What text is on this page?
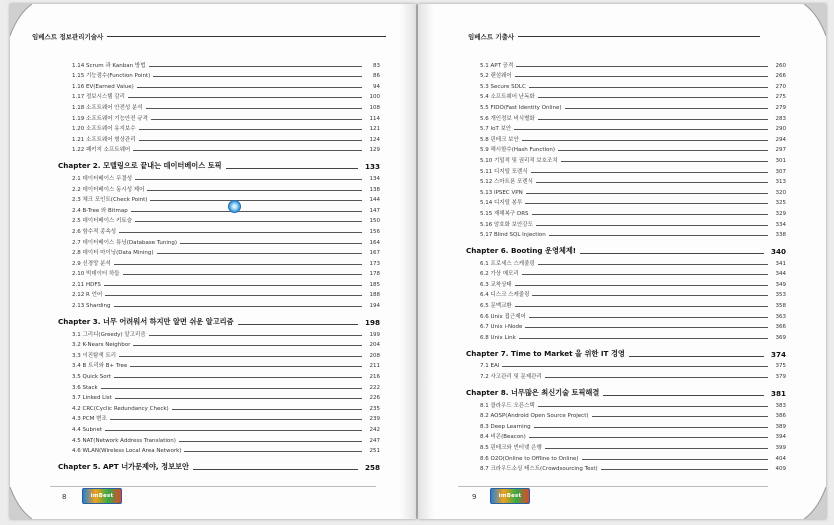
임베스트 정보관리기술사
1.14 Scrum 과 Kanban 방법	83
1.15 기능점수(Function Point)	86
1.16 EV(Earned Value)	94
1.17 정보시스템 감리	100
1.18 소프트웨어 안전성 분석	108
1.19 소프트웨어 기능안전 규격	114
1.20 소프트웨어 유지보수	121
1.21 소프트웨어 형상관리	124
1.22 패키지 소프트웨어	129
Chapter 2. 모델링으로 끝내는 데이터베이스 토픽	133
2.1 데이터베이스 무결성	134
2.2 데이터베이스 동시성 제어	138
2.3 체크 포인트(Check Point)	144
2.4 B-Tree 와 Bitmap	147
2.5 데이터베이스 키토슬	150
2.6 함수적 종속성	156
2.7 데이터베이스 튜닝(Database Tuning)	164
2.8 데이터 마이닝(Data Mining)	167
2.9 신경망 분석	173
2.10 빅데이터 하둡	178
2.11 HDFS	185
2.12 R 언어	188
2.13 Sharding	194
Chapter 3. 너무 어려워서 하지만 알면 쉬운 알고리즘	198
3.1 그리디(Greedy) 알고리즘	199
3.2 K-Nears Neighbor	204
3.3 이진탐색 트리	208
3.4 B 트리와 B+ Tree	211
3.5 Quick Sort	216
3.6 Stack	222
3.7 Linked List	226
4.2 CRC(Cyclic Redundancy Check)	235
4.3 PCM 변조	239
4.4 Subnet	242
4.5 NAT(Network Address Translation)	247
4.6 WLAN(Wireless Local Area Network)	251
Chapter 5. APT 너가문제야, 정보보안	258
8	imBest
임베스트 기출사
5.1 APT 공격	260
5.2 랜섬웨어	266
5.3 Secure SDLC	270
5.4 소프트웨어 난독화	275
5.5 FIDO(Fast Identity Online)	279
5.6 개인정보 비식별화	283
5.7 IoT 보안	290
5.8 핀테크 보안	294
5.9 해시함수(Hash Function)	297
5.10 기밀적 및 권리적 보호조치	301
5.11 디지털 포렌식	307
5.12 스마트폰 포렌식	313
5.13 IPSEC VPN	320
5.14 디지털 봉투	325
5.15 재해복구 DRS	329
5.16 암호화 보안강도	334
5.17 Blind SQL Injection	338
Chapter 6. Booting 운영체제!	340
6.1 프로세스 스케줄링	341
6.2 가상 메모리	344
6.3 교착상태	349
6.4 디스크 스케줄링	353
6.5 문맥교환	358
6.6 Unix 접근제어	363
6.7 Unix i-Node	366
6.8 Unix Link	369
Chapter 7. Time to Market 을 위한 IT 경영	374
7.1 EAI	375
7.2 사고관리 및 문제관리	379
Chapter 8. 너무많은 최신기술 토픽해결	381
8.1 클라우드 오픈스택	383
8.2 AOSP(Android Open Source Project)	386
8.3 Deep Learning	389
8.4 비콘(Beacon)	394
8.5 핀테크와 빈터넷 은행	399
8.6 O2O(Online to Offline to Online)	404
8.7 크라우드소싱 테스트(Crowdsourcing Test)	409
9	imBest
